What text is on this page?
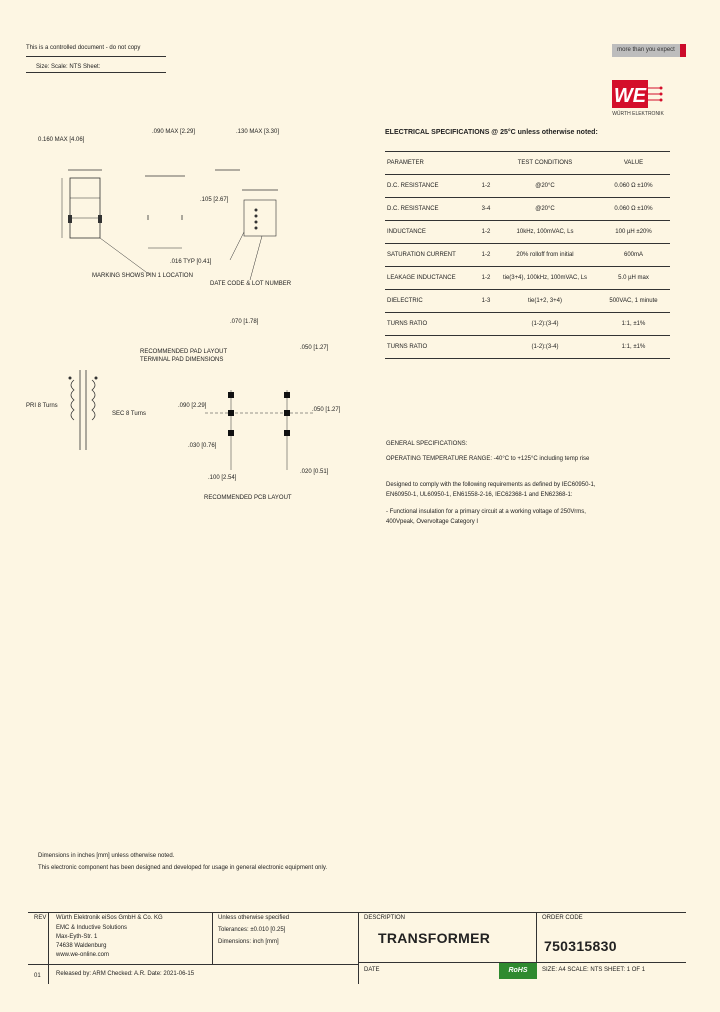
This is a controlled document - do not copy
Size: Scale: NTS Sheet:
more than you expect
WE
WÜRTH ELEKTRONIK
0.160 MAX [4.06]
.090 MAX [2.29]	.130 MAX [3.30]
.105 [2.67]
.016 TYP [0.41]
MARKING SHOWS PIN 1 LOCATION
DATE CODE & LOT NUMBER
.070 [1.78]
RECOMMENDED PAD LAYOUT
TERMINAL PAD DIMENSIONS
.050 [1.27]
PRI 8 Turns
SEC 8 Turns
.090 [2.29]
.030 [0.76]
.050 [1.27]
.100 [2.54]
.020 [0.51]
RECOMMENDED PCB LAYOUT
ELECTRICAL SPECIFICATIONS @ 25°C unless otherwise noted:
PARAMETER		TEST CONDITIONS	VALUE
D.C. RESISTANCE	1-2	@20°C	0.060 Ω ±10%
D.C. RESISTANCE	3-4	@20°C	0.060 Ω ±10%
INDUCTANCE	1-2	10kHz, 100mVAC, Ls	100 µH ±20%
SATURATION CURRENT	1-2	20% rolloff from initial	600mA
LEAKAGE INDUCTANCE	1-2	tie(3+4), 100kHz, 100mVAC, Ls	5.0 µH max
DIELECTRIC	1-3	tie(1+2, 3+4)	500VAC, 1 minute
TURNS RATIO		(1-2):(3-4)	1:1, ±1%
TURNS RATIO		(1-2):(3-4)	1:1, ±1%
GENERAL SPECIFICATIONS:
OPERATING TEMPERATURE RANGE: -40°C to +125°C including temp rise
Designed to comply with the following requirements as defined by IEC60950-1,
EN60950-1, UL60950-1, EN61558-2-16, IEC62368-1 and EN62368-1:
- Functional insulation for a primary circuit at a working voltage of 250Vrms,
400Vpeak, Overvoltage Category I
Dimensions in inches [mm] unless otherwise noted.
This electronic component has been designed and developed for usage in general electronic equipment only.
REV
01
Würth Elektronik eiSos GmbH & Co. KG
EMC & Inductive Solutions
Max-Eyth-Str. 1
74638 Waldenburg
www.we-online.com
Unless otherwise specified
Tolerances: ±0.010 [0.25]
Dimensions: inch [mm]
DESCRIPTION
TRANSFORMER
ORDER CODE
750315830
DATE	RoHS	SIZE: A4 SCALE: NTS SHEET: 1 OF 1
Released by: ARM Checked: A.R. Date: 2021-06-15
